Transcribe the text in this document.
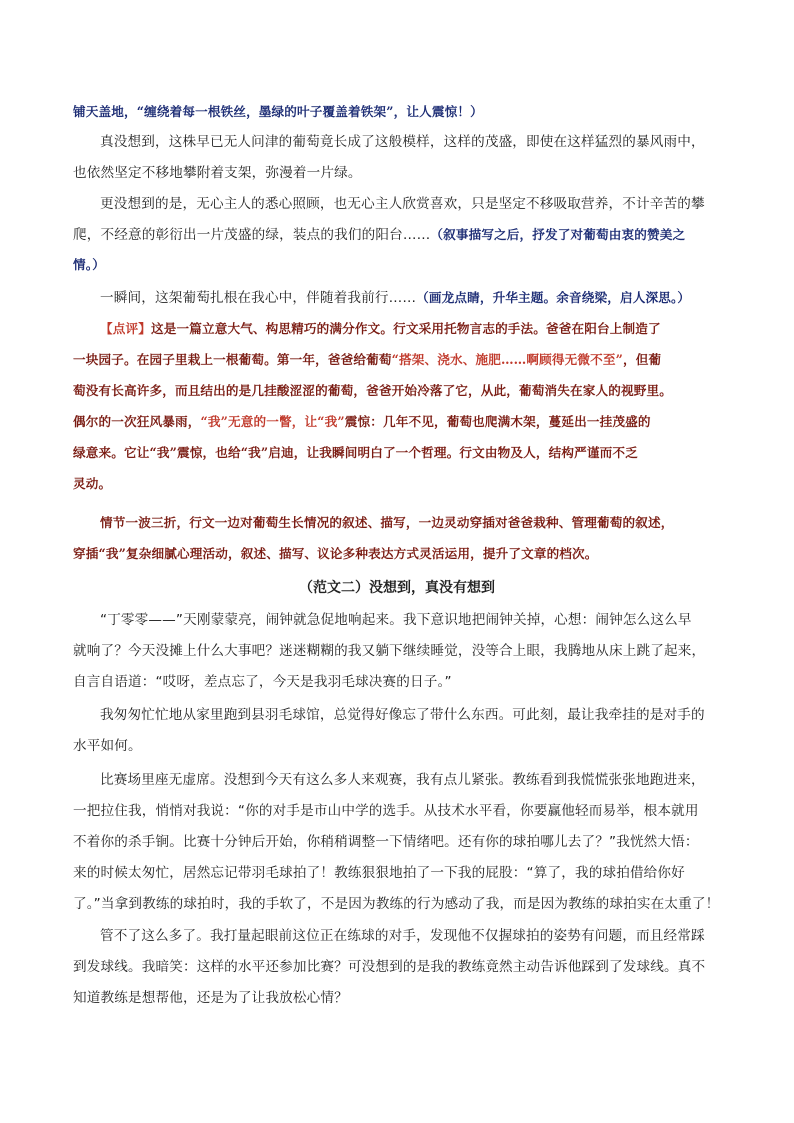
铺天盖地，“缠绕着每一根铁丝，墨绿的叶子覆盖着铁架”，让人震惊！）
真没想到，这株早已无人问津的葡萄竟长成了这般模样，这样的茂盛，即使在这样猛烈的暴风雨中，
也依然坚定不移地攀附着支架，弥漫着一片绿。
更没想到的是，无心主人的悉心照顾，也无心主人欣赏喜欢，只是坚定不移吸取营养，不计辛苦的攀
爬，不经意的彰衍出一片茂盛的绿，装点的我们的阳台……（叙事描写之后，抒发了对葡萄由衷的赞美之
情。）
一瞬间，这架葡萄扎根在我心中，伴随着我前行……（画龙点睛，升华主题。余音绕梁，启人深思。）
【点评】这是一篇立意大气、构思精巧的满分作文。行文采用托物言志的手法。爸爸在阳台上制造了
一块园子。在园子里栽上一根葡萄。第一年，爸爸给葡萄“搭架、浇水、施肥……啊顾得无微不至”，但葡
萄没有长高许多，而且结出的是几挂酸涩涩的葡萄，爸爸开始冷落了它，从此，葡萄消失在家人的视野里。
偶尔的一次狂风暴雨，“我”无意的一瞥，让“我”震惊：几年不见，葡萄也爬满木架，蔓延出一挂茂盛的
绿意来。它让“我”震惊，也给“我”启迪，让我瞬间明白了一个哲理。行文由物及人，结构严谨而不乏
灵动。
情节一波三折，行文一边对葡萄生长情况的叙述、描写，一边灵动穿插对爸爸栽种、管理葡萄的叙述，
穿插“我”复杂细腻心理活动，叙述、描写、议论多种表达方式灵活运用，提升了文章的档次。
（范文二）没想到，真没有想到
“丁零零——”天刚蒙蒙亮，闹钟就急促地响起来。我下意识地把闹钟关掉，心想：闹钟怎么这么早
就响了？今天没摊上什么大事吧？迷迷糊糊的我又躺下继续睡觉，没等合上眼，我腾地从床上跳了起来，
自言自语道：“哎呀，差点忘了，今天是我羽毛球决赛的日子。”
我匆匆忙忙地从家里跑到县羽毛球馆，总觉得好像忘了带什么东西。可此刻，最让我牵挂的是对手的
水平如何。
比赛场里座无虚席。没想到今天有这么多人来观赛，我有点儿紧张。教练看到我慌慌张张地跑进来，
一把拉住我，悄悄对我说：“你的对手是市山中学的选手。从技术水平看，你要赢他轻而易举，根本就用
不着你的杀手锏。比赛十分钟后开始，你稍稍调整一下情绪吧。还有你的球拍哪儿去了？”我恍然大悟：
来的时候太匆忙，居然忘记带羽毛球拍了！教练狠狠地拍了一下我的屁股：“算了，我的球拍借给你好
了。”当拿到教练的球拍时，我的手软了，不是因为教练的行为感动了我，而是因为教练的球拍实在太重了！
管不了这么多了。我打量起眼前这位正在练球的对手，发现他不仅握球拍的姿势有问题，而且经常踩
到发球线。我暗笑：这样的水平还参加比赛？可没想到的是我的教练竟然主动告诉他踩到了发球线。真不
知道教练是想帮他，还是为了让我放松心情？
